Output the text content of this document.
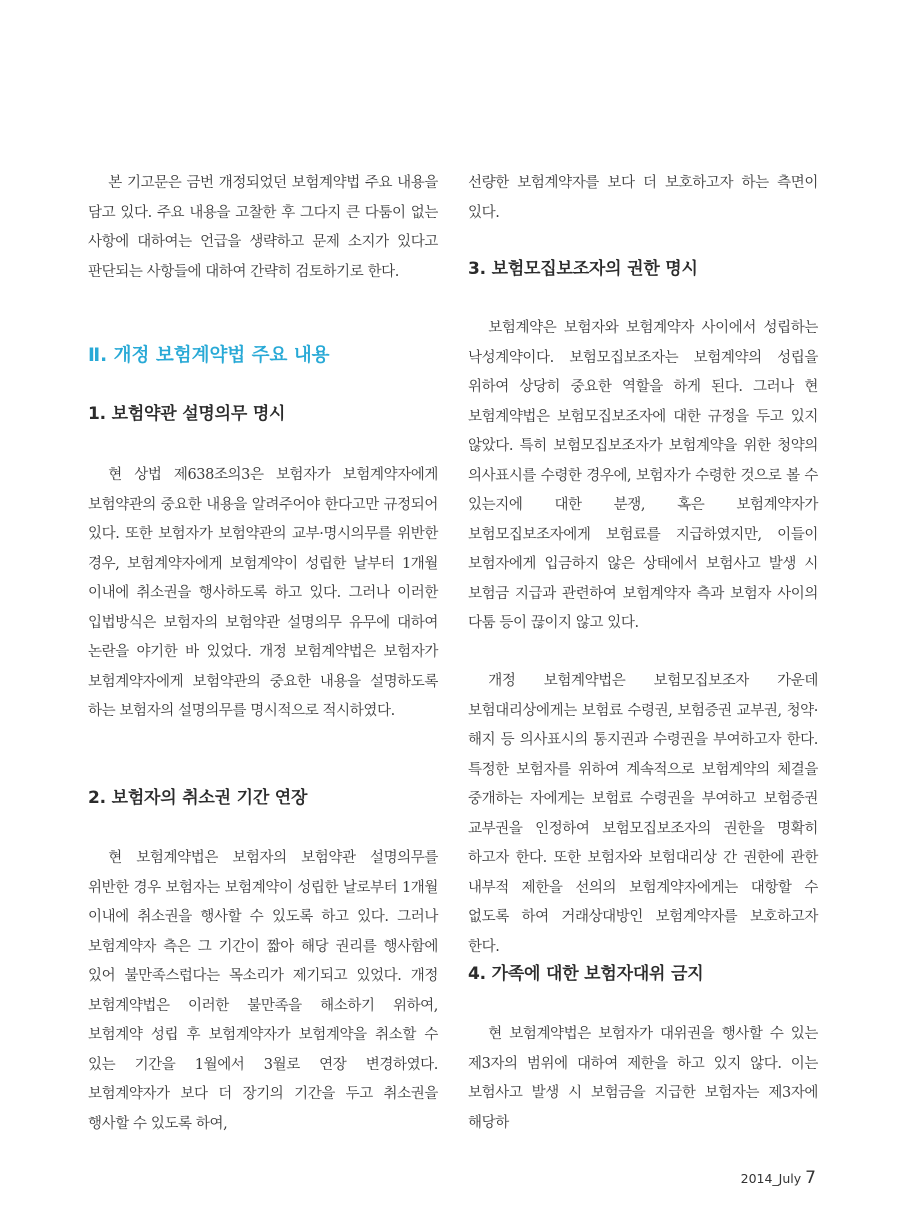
본 기고문은 금번 개정되었던 보험계약법 주요 내용을 담고 있다. 주요 내용을 고찰한 후 그다지 큰 다툼이 없는 사항에 대하여는 언급을 생략하고 문제 소지가 있다고 판단되는 사항들에 대하여 간략히 검토하기로 한다.

Ⅱ. 개정 보험계약법 주요 내용
1. 보험약관 설명의무 명시

현 상법 제638조의3은 보험자가 보험계약자에게 보험약관의 중요한 내용을 알려주어야 한다고만 규정되어 있다. 또한 보험자가 보험약관의 교부·명시의무를 위반한 경우, 보험계약자에게 보험계약이 성립한 날부터 1개월 이내에 취소권을 행사하도록 하고 있다. 그러나 이러한 입법방식은 보험자의 보험약관 설명의무 유무에 대하여 논란을 야기한 바 있었다. 개정 보험계약법은 보험자가 보험계약자에게 보험약관의 중요한 내용을 설명하도록 하는 보험자의 설명의무를 명시적으로 적시하였다.

2. 보험자의 취소권 기간 연장

현 보험계약법은 보험자의 보험약관 설명의무를 위반한 경우 보험자는 보험계약이 성립한 날로부터 1개월 이내에 취소권을 행사할 수 있도록 하고 있다. 그러나 보험계약자 측은 그 기간이 짧아 해당 권리를 행사함에 있어 불만족스럽다는 목소리가 제기되고 있었다. 개정 보험계약법은 이러한 불만족을 해소하기 위하여, 보험계약 성립 후 보험계약자가 보험계약을 취소할 수 있는 기간을 1월에서 3월로 연장 변경하였다. 보험계약자가 보다 더 장기의 기간을 두고 취소권을 행사할 수 있도록 하여,

선량한 보험계약자를 보다 더 보호하고자 하는 측면이 있다.

3. 보험모집보조자의 권한 명시

보험계약은 보험자와 보험계약자 사이에서 성립하는 낙성계약이다. 보험모집보조자는 보험계약의 성립을 위하여 상당히 중요한 역할을 하게 된다. 그러나 현 보험계약법은 보험모집보조자에 대한 규정을 두고 있지 않았다. 특히 보험모집보조자가 보험계약을 위한 청약의 의사표시를 수령한 경우에, 보험자가 수령한 것으로 볼 수 있는지에 대한 분쟁, 혹은 보험계약자가 보험모집보조자에게 보험료를 지급하였지만, 이들이 보험자에게 입금하지 않은 상태에서 보험사고 발생 시 보험금 지급과 관련하여 보험계약자 측과 보험자 사이의 다툼 등이 끊이지 않고 있다.

개정 보험계약법은 보험모집보조자 가운데 보험대리상에게는 보험료 수령권, 보험증권 교부권, 청약·해지 등 의사표시의 통지권과 수령권을 부여하고자 한다. 특정한 보험자를 위하여 계속적으로 보험계약의 체결을 중개하는 자에게는 보험료 수령권을 부여하고 보험증권 교부권을 인정하여 보험모집보조자의 권한을 명확히 하고자 한다. 또한 보험자와 보험대리상 간 권한에 관한 내부적 제한을 선의의 보험계약자에게는 대항할 수 없도록 하여 거래상대방인 보험계약자를 보호하고자 한다.

4. 가족에 대한 보험자대위 금지

현 보험계약법은 보험자가 대위권을 행사할 수 있는 제3자의 범위에 대하여 제한을 하고 있지 않다. 이는 보험사고 발생 시 보험금을 지급한 보험자는 제3자에 해당하

2014_July 7
